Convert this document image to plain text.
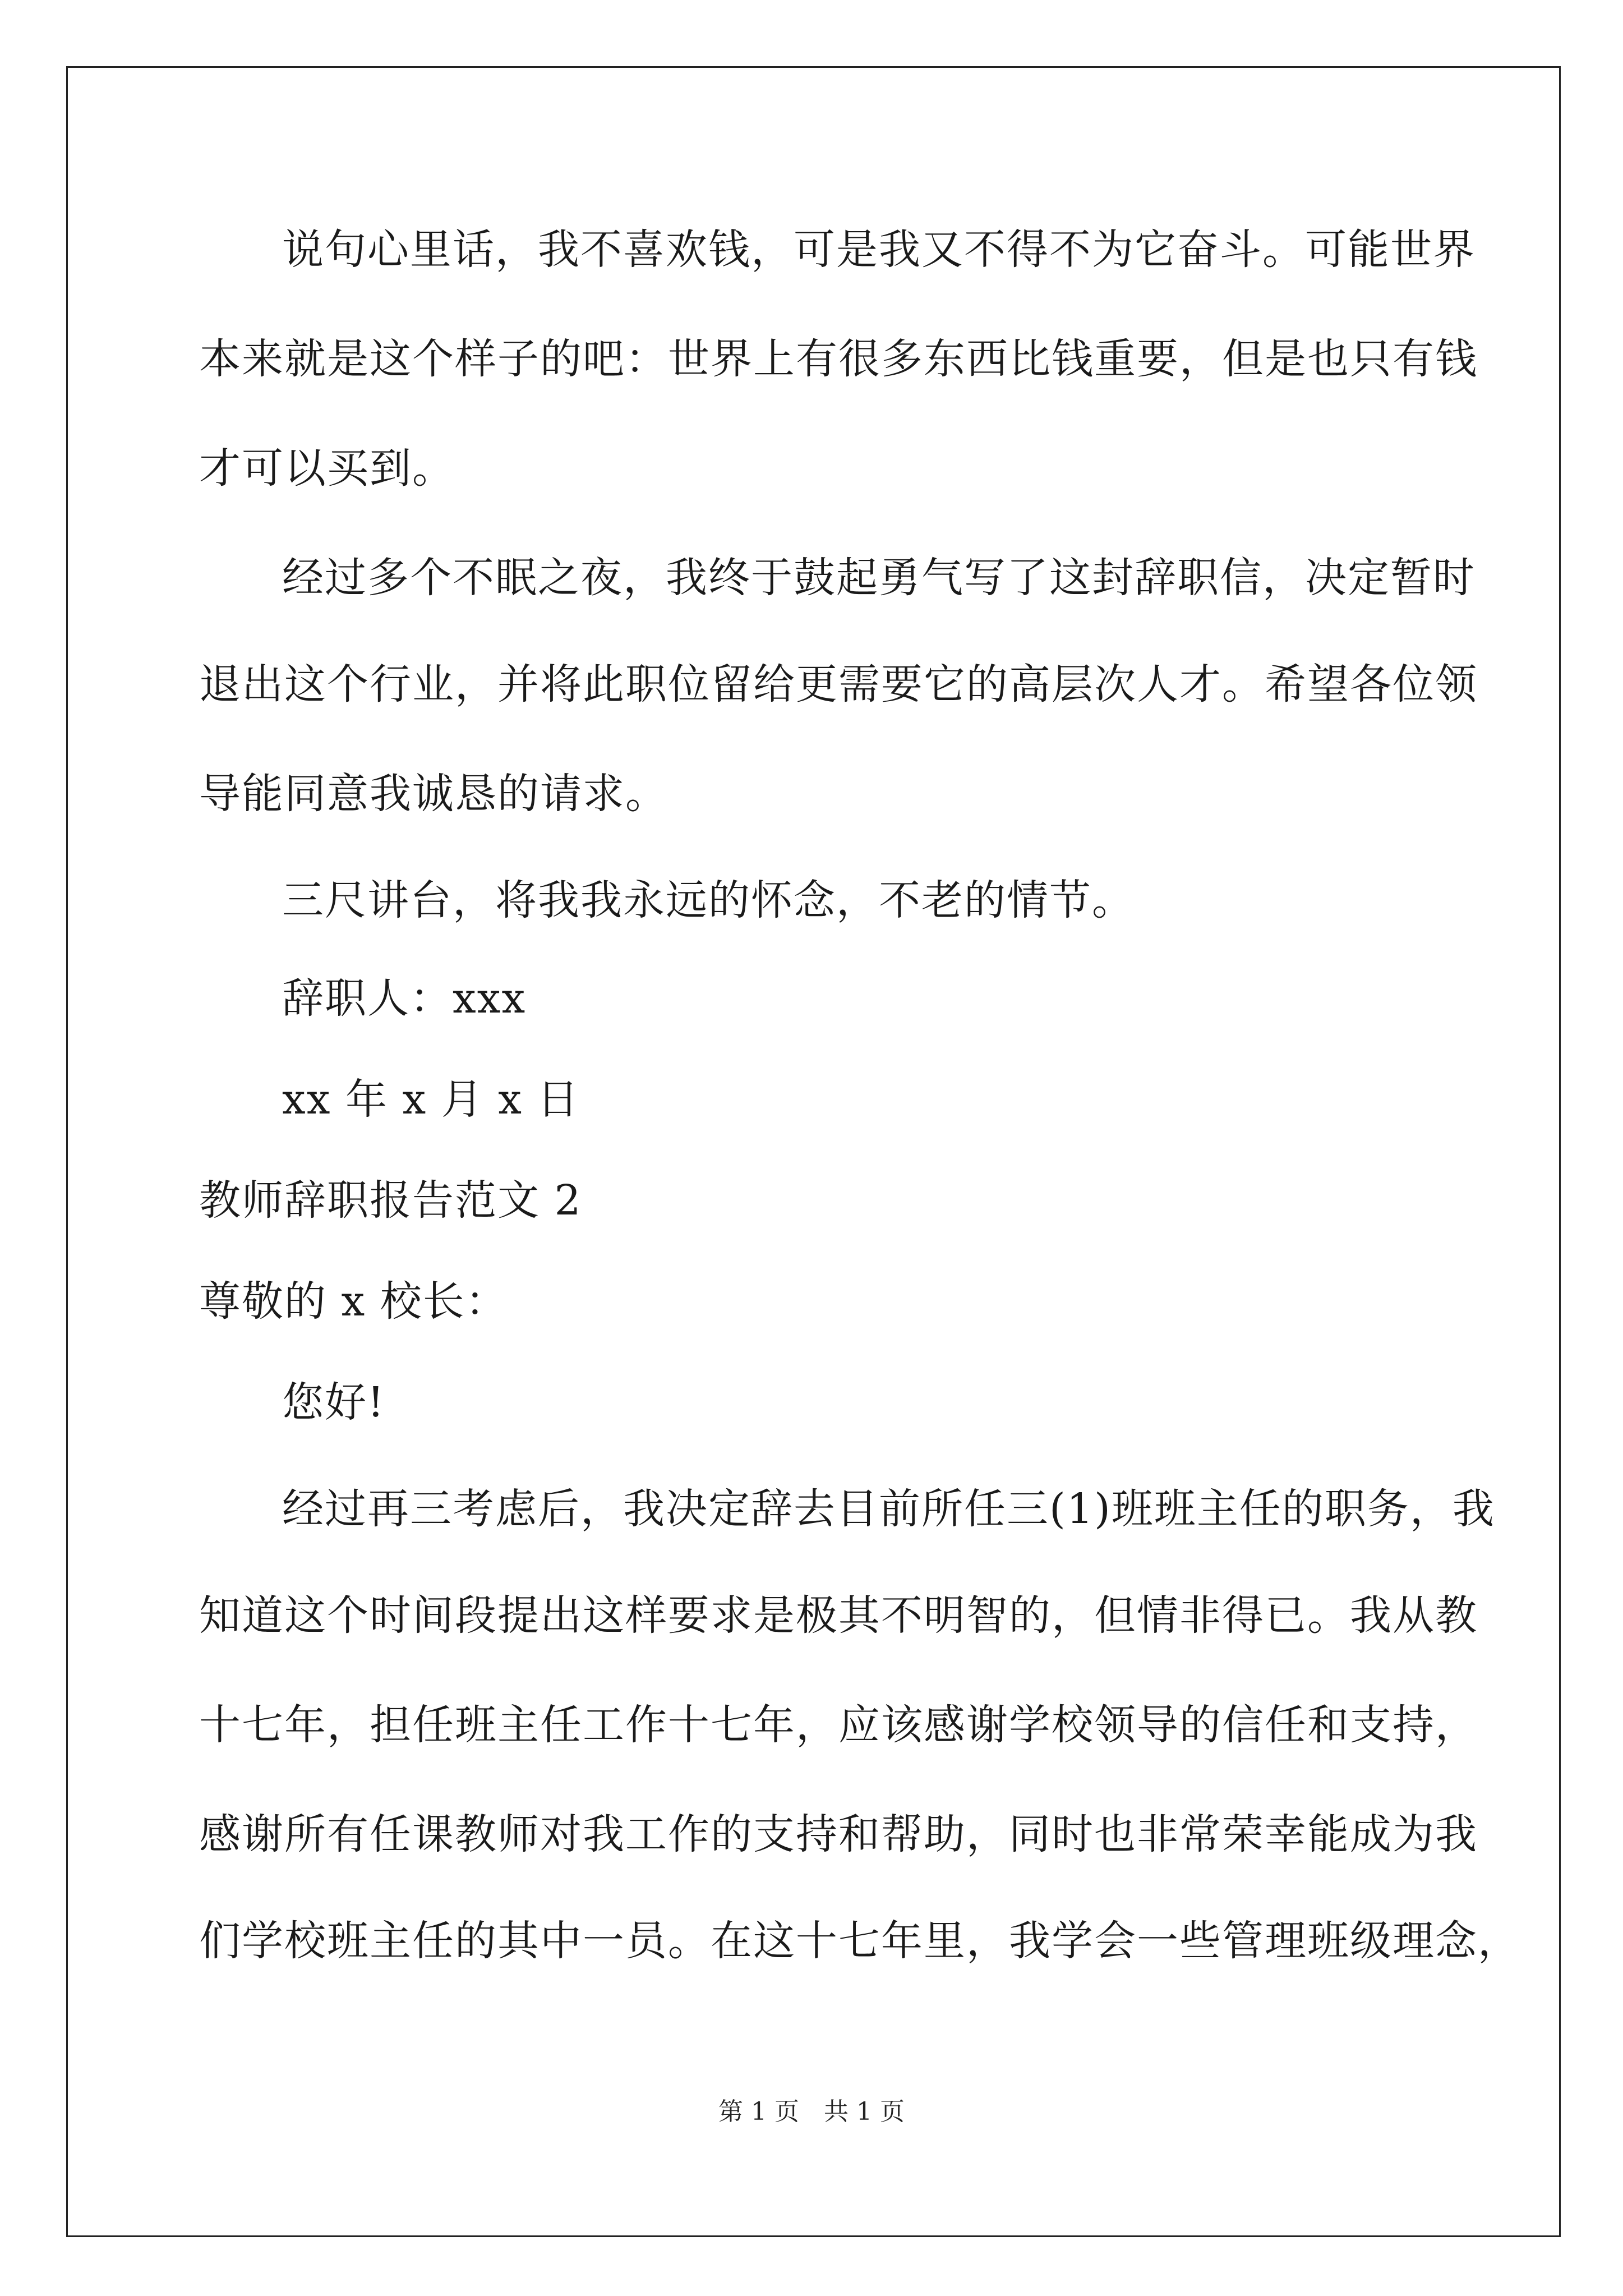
说句心里话，我不喜欢钱，可是我又不得不为它奋斗。可能世界
本来就是这个样子的吧：世界上有很多东西比钱重要，但是也只有钱
才可以买到。
经过多个不眠之夜，我终于鼓起勇气写了这封辞职信，决定暂时
退出这个行业，并将此职位留给更需要它的高层次人才。希望各位领
导能同意我诚恳的请求。
三尺讲台，将我我永远的怀念，不老的情节。
辞职人：xxx
xx 年 x 月 x 日
教师辞职报告范文 2
尊敬的 x 校长：
您好!
经过再三考虑后，我决定辞去目前所任三(1)班班主任的职务，我
知道这个时间段提出这样要求是极其不明智的，但情非得已。我从教
十七年，担任班主任工作十七年，应该感谢学校领导的信任和支持，
感谢所有任课教师对我工作的支持和帮助，同时也非常荣幸能成为我
们学校班主任的其中一员。在这十七年里，我学会一些管理班级理念，
第 1 页　共 1 页
